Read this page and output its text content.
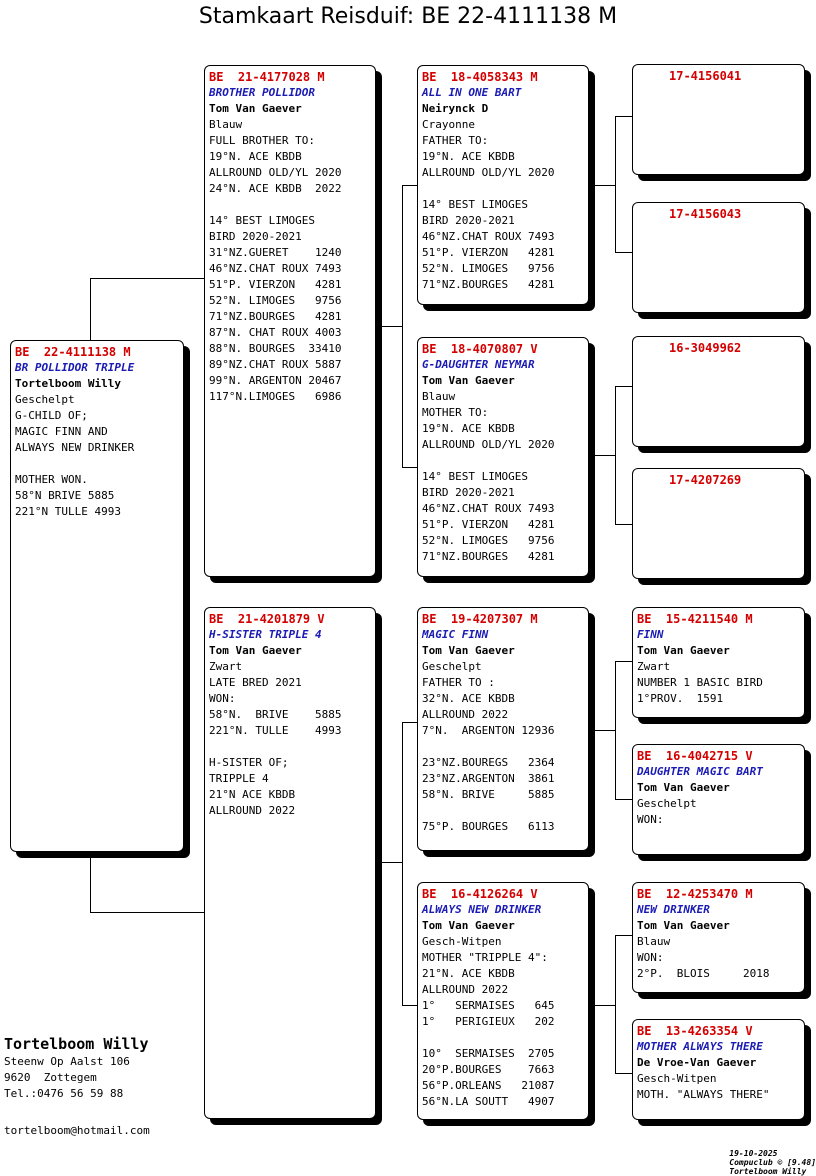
Stamkaart Reisduif: BE 22-4111138 M
BE  22-4111138 M
BR POLLIDOR TRIPLE
Tortelboom Willy
Geschelpt
G-CHILD OF;
MAGIC FINN AND
ALWAYS NEW DRINKER
MOTHER WON.
58°N BRIVE 5885
221°N TULLE 4993
BE  21-4177028 M
BROTHER POLLIDOR
Tom Van Gaever
Blauw
FULL BROTHER TO:
19°N. ACE KBDB
ALLROUND OLD/YL 2020
24°N. ACE KBDB  2022
14° BEST LIMOGES
BIRD 2020-2021
31°NZ.GUERET    1240
46°NZ.CHAT ROUX 7493
51°P. VIERZON   4281
52°N. LIMOGES   9756
71°NZ.BOURGES   4281
87°N. CHAT ROUX 4003
88°N. BOURGES  33410
89°NZ.CHAT ROUX 5887
99°N. ARGENTON 20467
117°N.LIMOGES   6986
BE  21-4201879 V
H-SISTER TRIPLE 4
Tom Van Gaever
Zwart
LATE BRED 2021
WON:
58°N.  BRIVE    5885
221°N. TULLE    4993
H-SISTER OF;
TRIPPLE 4
21°N ACE KBDB
ALLROUND 2022
BE  18-4058343 M
ALL IN ONE BART
Neirynck D
Crayonne
FATHER TO:
19°N. ACE KBDB
ALLROUND OLD/YL 2020
14° BEST LIMOGES
BIRD 2020-2021
46°NZ.CHAT ROUX 7493
51°P. VIERZON   4281
52°N. LIMOGES   9756
71°NZ.BOURGES   4281
BE  18-4070807 V
G-DAUGHTER NEYMAR
Tom Van Gaever
Blauw
MOTHER TO:
19°N. ACE KBDB
ALLROUND OLD/YL 2020
14° BEST LIMOGES
BIRD 2020-2021
46°NZ.CHAT ROUX 7493
51°P. VIERZON   4281
52°N. LIMOGES   9756
71°NZ.BOURGES   4281
BE  19-4207307 M
MAGIC FINN
Tom Van Gaever
Geschelpt
FATHER TO :
32°N. ACE KBDB
ALLROUND 2022
7°N.  ARGENTON 12936
23°NZ.BOUREGS   2364
23°NZ.ARGENTON  3861
58°N. BRIVE     5885
75°P. BOURGES   6113
BE  16-4126264 V
ALWAYS NEW DRINKER
Tom Van Gaever
Gesch-Witpen
MOTHER "TRIPPLE 4":
21°N. ACE KBDB
ALLROUND 2022
1°   SERMAISES   645
1°   PERIGIEUX   202
10°  SERMAISES  2705
20°P.BOURGES    7663
56°P.ORLEANS   21087
56°N.LA SOUTT   4907
17-4156041
17-4156043
16-3049962
17-4207269
BE  15-4211540 M
FINN
Tom Van Gaever
Zwart
NUMBER 1 BASIC BIRD
1°PROV.  1591
BE  16-4042715 V
DAUGHTER MAGIC BART
Tom Van Gaever
Geschelpt
WON:
BE  12-4253470 M
NEW DRINKER
Tom Van Gaever
Blauw
WON:
2°P.  BLOIS     2018
BE  13-4263354 V
MOTHER ALWAYS THERE
De Vroe-Van Gaever
Gesch-Witpen
MOTH. "ALWAYS THERE"
Tortelboom Willy
Steenw Op Aalst 106
9620  Zottegem
Tel.:0476 56 59 88
tortelboom@hotmail.com

19-10-2025
Compuclub © [9.48]
Tortelboom Willy
